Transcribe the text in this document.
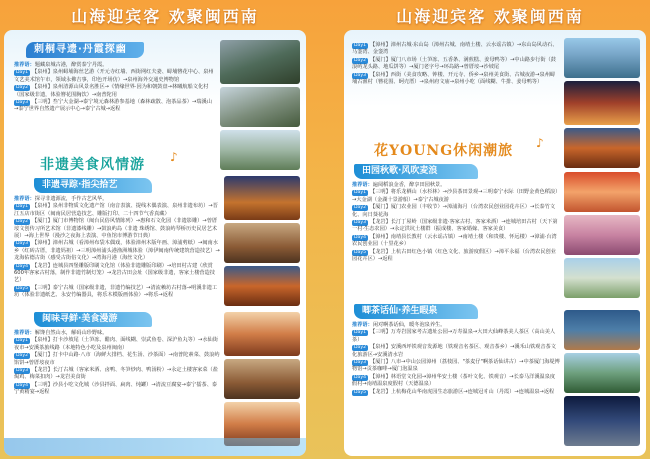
山海迎宾客 欢聚闽西南
刺桐寻遗·丹霞探幽
推荐语：题藏泉城古港，醉赏泰宁丹霞。
Day1 【泉州】泉州蟳埔海丝艺游（开元寺红墙、西街网红夫妻、蟳埔簪花中心、泉州文艺美术馆午市，领域永佛吉事，印色开场仿）→泉州海外交通史博物馆
Day2 【泉州】泉州清源山风景名胜区→《情缘世界·因为和朝鼓盘→林曦航船文化村（国家级非遗，体验簪花围胸饮）→南普陀用
Day3 【三明】叁宁大金湖→泰宁境元森林游参基地（森林疏散、泡茶品茶）→瑞溪山→泰宁世界自然遗产展示中心→泰宁古城→返程
非遗美食风情游 ♪
非遗寻踪·指尖拾艺
推荐语：探寻非遗源流，手作古艺风华。
Day1 【泉州】泉州非物质文化遗产馆（南音表演、提线木偶表演、泉州非遗布坊）→晋江五店市街区（闽南民居营造技艺、雕版打印、二十四节气香真藏）
Day2 【厦门】厦门市博物馆（闽台民俗风情陈列）→惠和石文化园（非遗影雕）→曾厝垵文创传习所艺术馆（非遗漆线雕）→鼓浪屿岛（非遗 珠绣馆、鼓浪屿琴桥历史民居艺术展）→海上世界（漫沙之夜海上表演、中鱼馆市博游节日典）
Day3 【漳州】漳州古城（看漳州布袋木偶戏，体验漳州木版年画、漳浦剪纸）→闽南水乡（红砖古厝，非遗妈祖）→三明漳州浦头港渔洲城体验（漳伊闽南传统建筑营造技艺）→龙海佑德古街（感受古街俗文化）→湾海月港（海丝文化）
Day4 【龙岩】连城县四堡雕版印刷文化馆（体验非遗雕版印刷）→培田村古建（欣赏600年客家古村落，制作非遗竹制灯笼）→龙岩古田会址（国家级非遗，客家土楼营造技艺）
Day5 【三明】泰宁古城（国家级非遗，非遗竹编技艺）→清流赖坊古村落→明溪非遗工坊（体验非遗纸艺、永安竹编器具，将乐木模版画体验）→将乐→返程
闽味寻鲜·美食漫游
推荐语：解馋自然山水，解码山珍野味。
Day1 【泉州】打卡沙坡尾（土笋冻、醋肉、面线糊、崇武鱼卷、深沪鱼丸等）→水仙街夜市→安溪茶旅线路（本地特色小吃及泉州闽南）
Day2 【厦门】打卡中山路·八市（海鲜大排档、花生汤、沙茶面）→南普陀素菜、鼓浪屿馅饼→曾厝垵夜市
Day3 【龙岩】长汀古城（客家米酒、卤鸭、冬笋炒肉、鸭汤粉）→永定土楼客家菜（盐焗鸡、梅菜扣肉）→龙岩美食街
Day4 【三明】沙县小吃文化城（沙县拌面、扁肉、炖罐）→清流豆腐宴→泰宁擂茶、泰宁黄精宴→返程
山海迎宾客 欢聚闽西南
Day1 【漳州】漳州古城·东山岛（漳州古城、南靖土楼、云水谣古镇）→东山岛风动石、马銮湾、金銮湾
Day2 【厦门】厦门八市场（土笋冻、五香条、满煎糕、姜母鸭等）→中山路步行街（鼓浪屿龙头路、地瓜饼等）→厦门老字号→环岛路→曾厝垵→沙坡尾
Day3 【泉州】西街（美食攻略、钟楼、开元寺、侨乡→泉州美食街、古城夜游→泉州蟳埔古渔村（簪花围、蚵壳厝）→泉州府文庙→泉州小吃（面线糊、牛排、姜母鸭等）
花YOUNG休闲潮旅 ♪
田园秋歌·风吹麦浪
推荐语：遍阅稻浪金香，醉享田园秋景。
Day1 【三明】将乐龙栖山（水杉林）→沙县茶田景观→三明泰宁水际（田野金黄色稻浪）→大金湖（金湖十景游船）→泰宁古城夜游
Day2 【厦门】厦门农业园（丰收节）→漳浦海月（台湾农民创业园花卉区）→长泰竹文化、向日葵花海
Day3 【龙岩】长汀丁屋岭（国家级非遗·客家古村、客家米酒）→连城培田古村（天下第一村·生态农园）→永定洪坑土楼群（振成楼、客家婚嫁、客家美食）
Day4 【漳州】南靖县长教村（云水谣古镇）→南靖土楼（和贵楼、怀远楼）→漳浦·台湾农民创业园（十里花乡）
Day5 【龙岩】上杭古田红色小镇（红色文化、旅游度假区）→漳平永福（台湾农民创业园花卉区）→返程
唧茶话仙·养生暇泉
推荐语：闲对啊茶话仙，暖冬泡泉养生。
Day1 【三明】万寿岩国家考古遗址公园→万寿温泉→大田大仙峰茶美人茶区（高山美人茶）
Day2 【泉州】安溪西坪铁观音发源地（铁观音名茶区、观音茶乡）→溪禾山铁观音茶文化旅游区→安溪清水岩
Day3 【厦门】八市→中山公园漳州（荔枝园、"茶麦仔"啊茶话仙讲古）→中茶厦门海堤博物馆→贡茶咖啡→厦门泡温泉
Day4 【漳州】林语堂文化园→漳州华安土楼（茶叶文化、铁观音）→长泰马洋溪温泉度假村→南靖温泉度假村（天德温泉）
Day5 【龙岩】上杭梅花山华南虎园生态旅游区→连城冠豸山（丹霞）→连城温泉→返程
